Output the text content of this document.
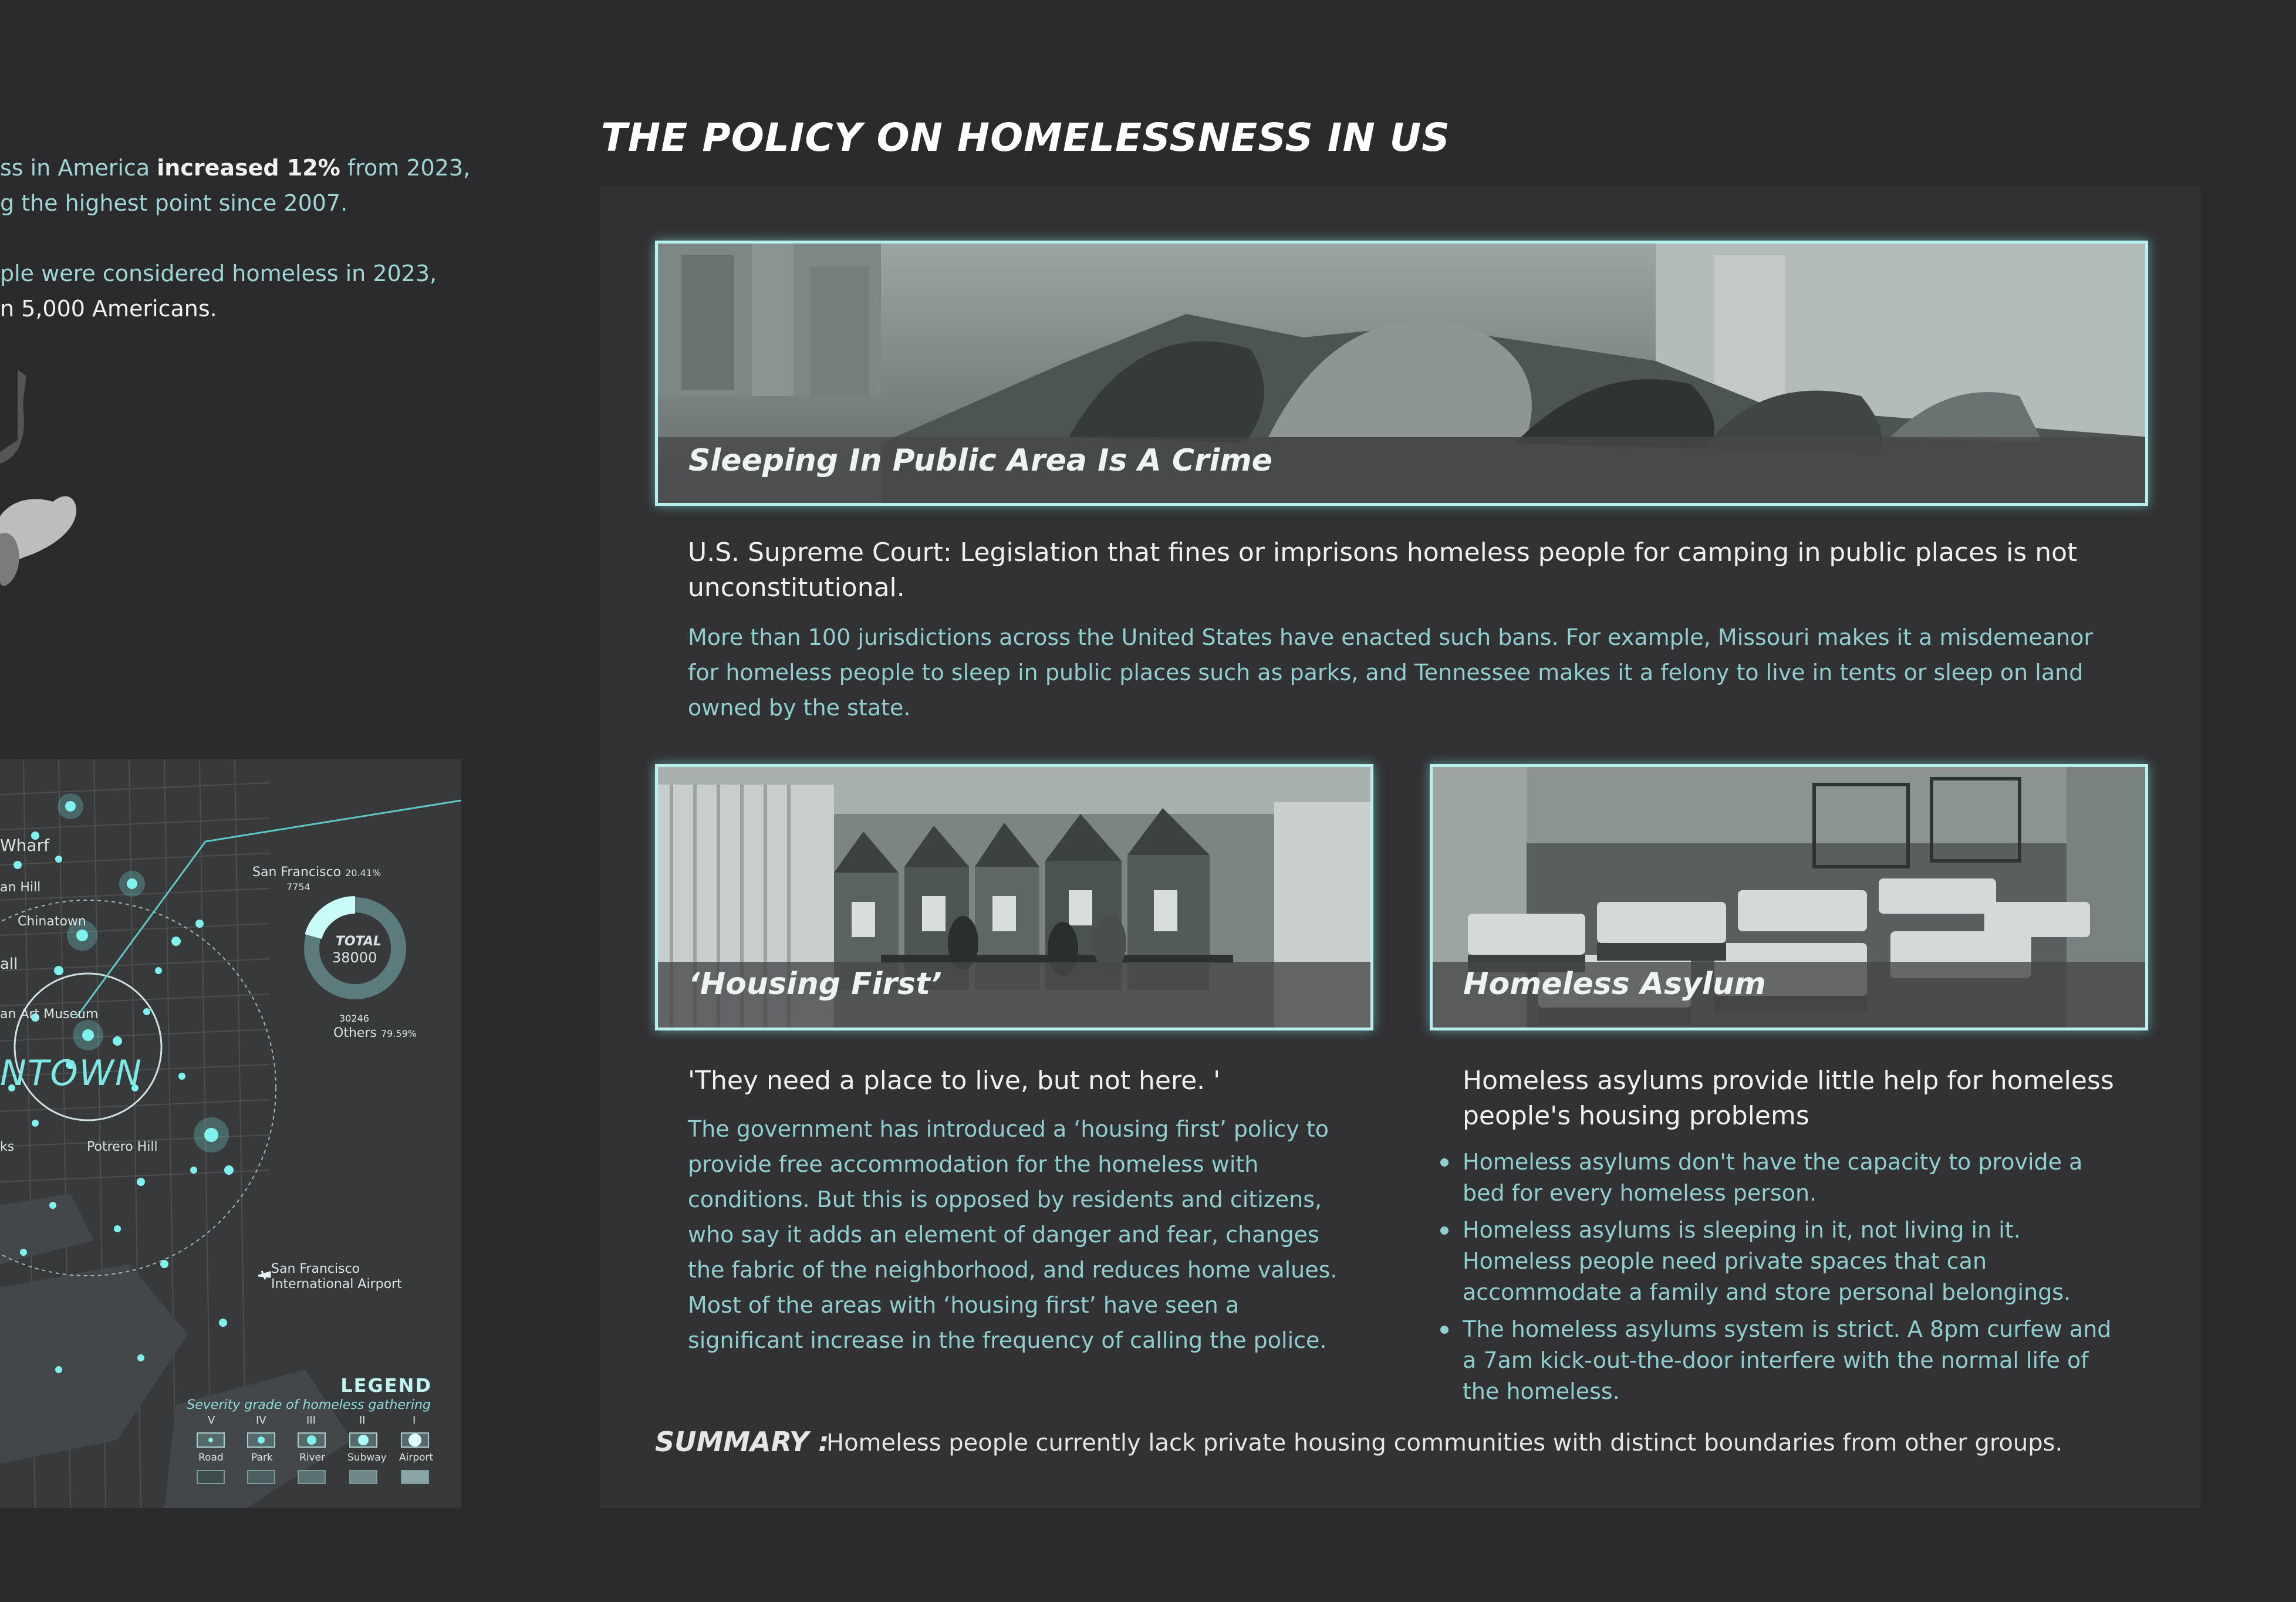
ss in America increased 12% from 2023,
g the highest point since 2007.
ple were considered homeless in 2023,
n 5,000 Americans.
THE POLICY ON HOMELESSNESS IN US
Sleeping In Public Area Is A Crime
U.S. Supreme Court: Legislation that fines or imprisons homeless people for camping in public places is not unconstitutional.
More than 100 jurisdictions across the United States have enacted such bans. For example, Missouri makes it a misdemeanor for homeless people to sleep in public places such as parks, and Tennessee makes it a felony to live in tents or sleep on land owned by the state.
‘Housing First’
'They need a place to live, but not here. '
The government has introduced a ‘housing first’ policy to provide free accommodation for the homeless with conditions. But this is opposed by residents and citizens, who say it adds an element of danger and fear, changes the fabric of the neighborhood, and reduces home values. Most of the areas with ‘housing first’ have seen a significant increase in the frequency of calling the police.
Homeless Asylum
Homeless asylums provide little help for homeless people's housing problems
Homeless asylums don't have the capacity to provide a bed for every homeless person.
Homeless asylums is sleeping in it, not living in it. Homeless people need private spaces that can accommodate a family and store personal belongings.
The homeless asylums system is strict. A 8pm curfew and a 7am kick-out-the-door interfere with the normal life of the homeless.
SUMMARY :
Homeless people currently lack private housing communities with distinct boundaries from other groups.
Wharf
an Hill
Chinatown
all
an Art Museum
NTOWN
ks	Potrero Hill
San Francisco
International Airport
San Francisco 20.41%
7754
TOTAL
38000
30246
Others 79.59%
LEGEND
Severity grade of homeless gathering
V	IV	III	II	I
Road	Park	River Subway Airport
